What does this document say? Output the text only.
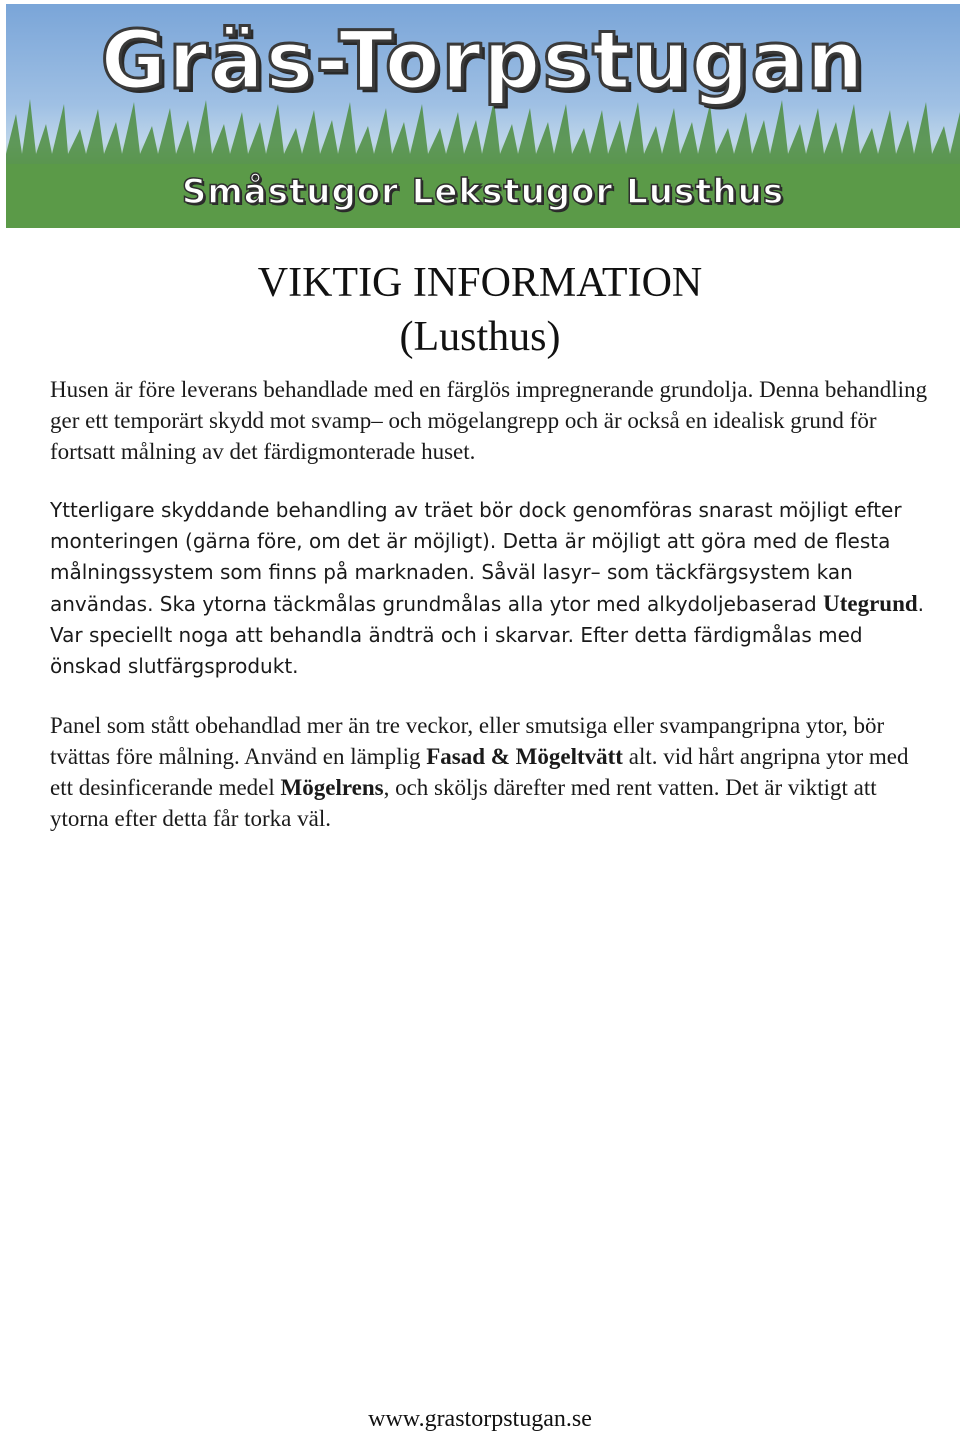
Gräs-Torpstugan
Småstugor Lekstugor Lusthus
VIKTIG INFORMATION
(Lusthus)

Husen är före leverans behandlade med en färglös impregnerande grundolja. Denna behandling ger ett temporärt skydd mot svamp– och mögelangrepp och är också en idealisk grund för fortsatt målning av det färdigmonterade huset.

Ytterligare skyddande behandling av träet bör dock genomföras snarast möjligt efter monteringen (gärna före, om det är möjligt). Detta är möjligt att göra med de flesta målningssystem som finns på marknaden. Såväl lasyr– som täckfärgsystem kan användas. Ska ytorna täckmålas grundmålas alla ytor med alkydoljebaserad Utegrund. Var speciellt noga att behandla ändträ och i skarvar. Efter detta färdigmålas med önskad slutfärgsprodukt.

Panel som stått obehandlad mer än tre veckor, eller smutsiga eller svampangripna ytor, bör tvättas före målning. Använd en lämplig Fasad & Mögeltvätt alt. vid hårt angripna ytor med ett desinficerande medel Mögelrens, och sköljs därefter med rent vatten. Det är viktigt att ytorna efter detta får torka väl.

www.grastorpstugan.se
